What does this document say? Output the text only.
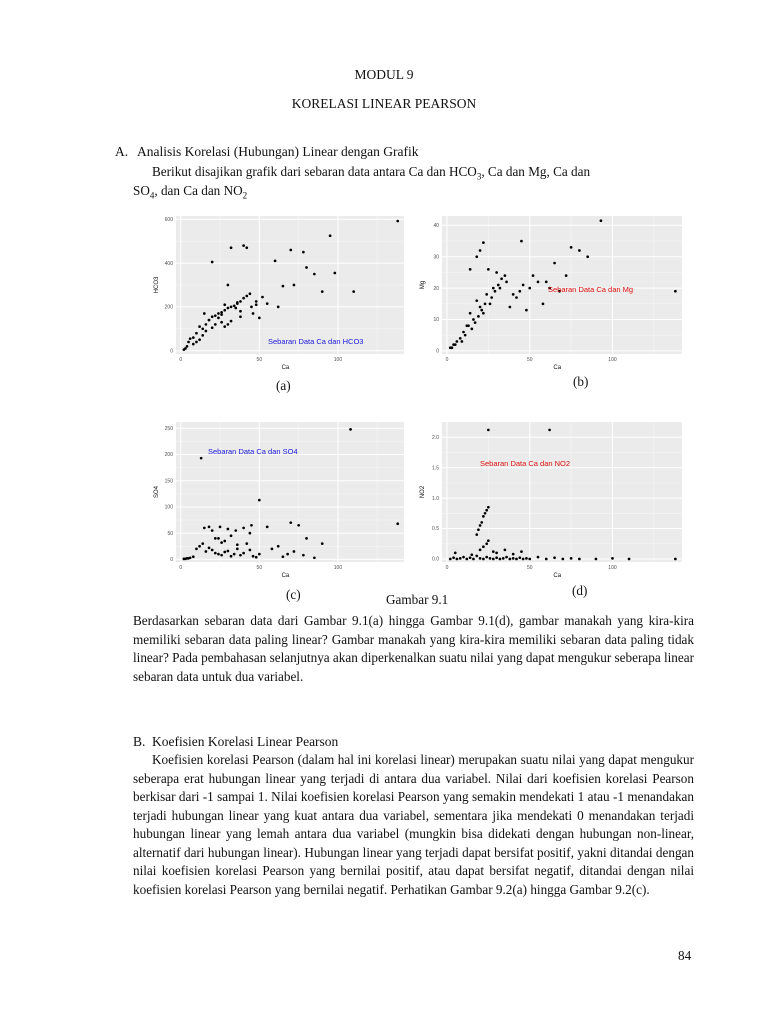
MODUL 9
KORELASI LINEAR PEARSON
A. Analisis Korelasi (Hubungan) Linear dengan Grafik
Berikut disajikan grafik dari sebaran data antara Ca dan $HCO_3$, Ca dan Mg, Ca dan
$SO_4$, dan Ca dan $NO_2$
0
200
400
600
0	50	100
Ca
HCO3
Sebaran Data Ca dan HCO3
0
10
20
30
40
0	50	100
Ca
Mg	Sebaran Data Ca dan Mg
0
50
100
150
200
250
0	50	100
Ca
SO4
Sebaran Data Ca dan SO4
0.0
0.5
1.0
1.5
2.0
0	50	100
Ca
NO2
Sebaran Data Ca dan NO2
(a)	(b)
(c)	(d)
Gambar 9.1
Berdasarkan sebaran data dari Gambar 9.1(a) hingga Gambar 9.1(d), gambar manakah yang kira-kira memiliki sebaran data paling linear? Gambar manakah yang kira-kira memiliki sebaran data paling tidak linear? Pada pembahasan selanjutnya akan diperkenalkan suatu nilai yang dapat mengukur seberapa linear sebaran data untuk dua variabel.
B. Koefisien Korelasi Linear Pearson
Koefisien korelasi Pearson (dalam hal ini korelasi linear) merupakan suatu nilai yang dapat mengukur seberapa erat hubungan linear yang terjadi di antara dua variabel. Nilai dari koefisien korelasi Pearson berkisar dari -1 sampai 1. Nilai koefisien korelasi Pearson yang semakin mendekati 1 atau -1 menandakan terjadi hubungan linear yang kuat antara dua variabel, sementara jika mendekati 0 menandakan terjadi hubungan linear yang lemah antara dua variabel (mungkin bisa didekati dengan hubungan non-linear, alternatif dari hubungan linear). Hubungan linear yang terjadi dapat bersifat positif, yakni ditandai dengan nilai koefisien korelasi Pearson yang bernilai positif, atau dapat bersifat negatif, ditandai dengan nilai koefisien korelasi Pearson yang bernilai negatif. Perhatikan Gambar 9.2(a) hingga Gambar 9.2(c).
84
